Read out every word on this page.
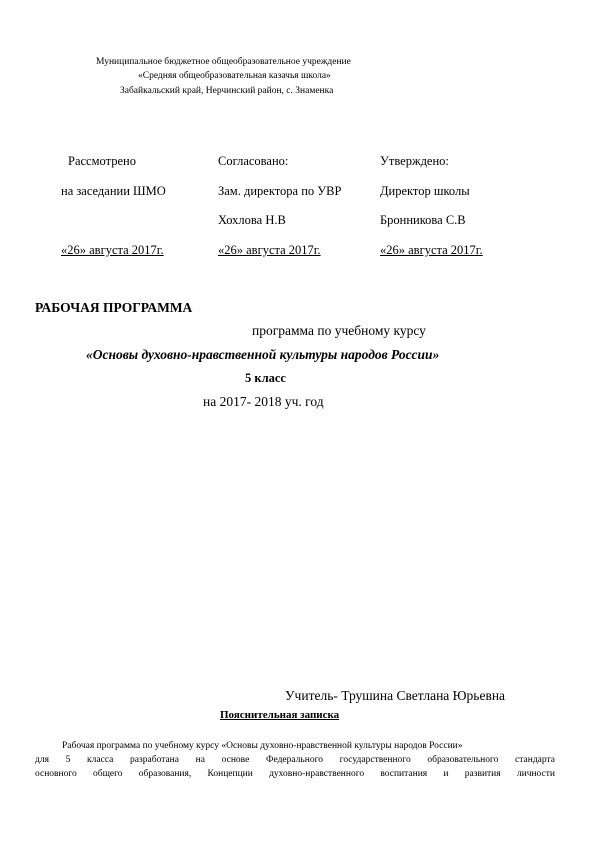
Муниципальное бюджетное общеобразовательное учреждение
«Средняя общеобразовательная казачья школа»
Забайкальский край, Нерчинский район, с. Знаменка
Рассмотрено
на заседании ШМО
«26» августа 2017г.
Согласовано:
Зам. директора по УВР
Хохлова Н.В
«26» августа 2017г.
Утверждено:
Директор школы
Бронникова С.В
«26» августа 2017г.
РАБОЧАЯ ПРОГРАММА
программа по учебному курсу
«Основы духовно-нравственной культуры народов России»
5 класс
на 2017- 2018 уч. год
Учитель- Трушина Светлана Юрьевна
Пояснительная записка
Рабочая программа по учебному курсу «Основы духовно-нравственной культуры народов России»
для 5 класса разработана на основе Федерального государственного образовательного стандарта
основного общего образования, Концепции духовно-нравственного воспитания и развития личности
